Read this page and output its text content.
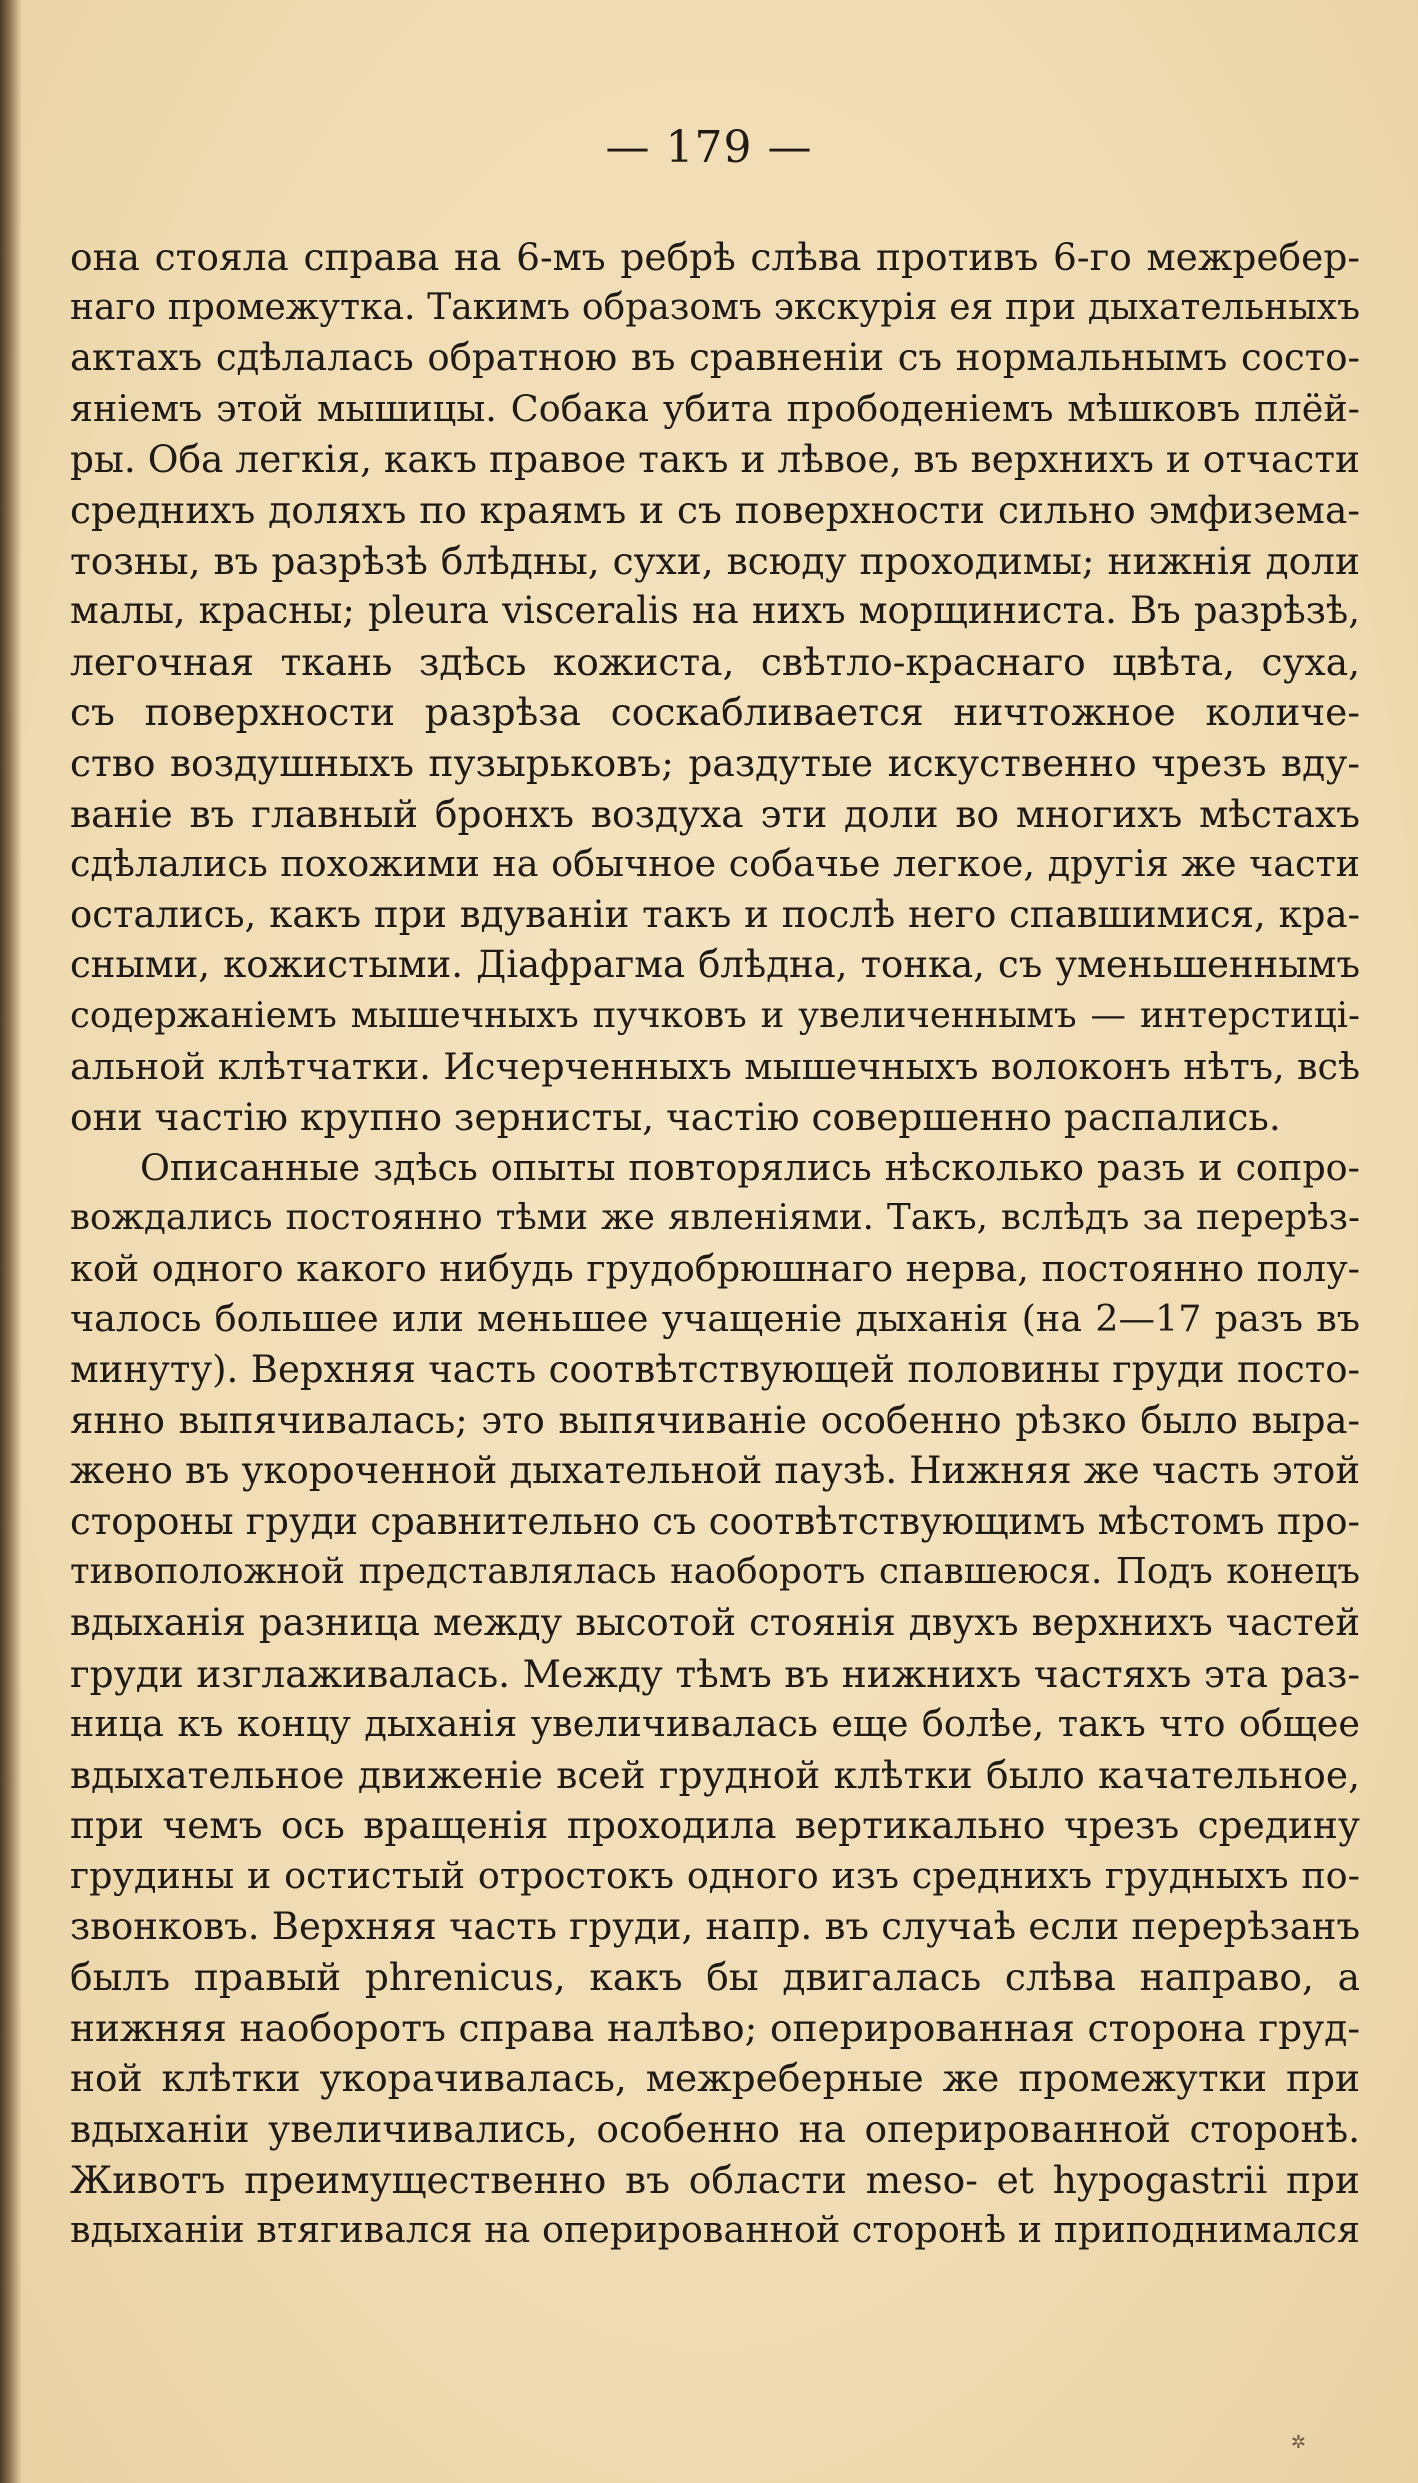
— 179 —
она стояла справа на 6-мъ ребрѣ слѣва противъ 6-го межребер-
наго промежутка. Такимъ образомъ экскурія ея при дыхательныхъ
актахъ сдѣлалась обратною въ сравненіи съ нормальнымъ состо-
яніемъ этой мышицы. Собака убита прободеніемъ мѣшковъ плёй-
ры. Оба легкія, какъ правое такъ и лѣвое, въ верхнихъ и отчасти
среднихъ доляхъ по краямъ и съ поверхности сильно эмфизема-
тозны, въ разрѣзѣ блѣдны, сухи, всюду проходимы; нижнія доли
малы, красны; pleura visceralis на нихъ морщиниста. Въ разрѣзѣ,
легочная ткань здѣсь кожиста, свѣтло-краснаго цвѣта, суха,
съ поверхности разрѣза соскабливается ничтожное количе-
ство воздушныхъ пузырьковъ; раздутые искуственно чрезъ вду-
ваніе въ главный бронхъ воздуха эти доли во многихъ мѣстахъ
сдѣлались похожими на обычное собачье легкое, другія же части
остались, какъ при вдуваніи такъ и послѣ него спавшимися, кра-
сными, кожистыми. Діафрагма блѣдна, тонка, съ уменьшеннымъ
содержаніемъ мышечныхъ пучковъ и увеличеннымъ — интерстиці-
альной клѣтчатки. Исчерченныхъ мышечныхъ волоконъ нѣтъ, всѣ
они частію крупно зернисты, частію совершенно распались.
Описанные здѣсь опыты повторялись нѣсколько разъ и сопро-
вождались постоянно тѣми же явленіями. Такъ, вслѣдъ за перерѣз-
кой одного какого нибудь грудобрюшнаго нерва, постоянно полу-
чалось большее или меньшее учащеніе дыханія (на 2—17 разъ въ
минуту). Верхняя часть соотвѣтствующей половины груди посто-
янно выпячивалась; это выпячиваніе особенно рѣзко было выра-
жено въ укороченной дыхательной паузѣ. Нижняя же часть этой
стороны груди сравнительно съ соотвѣтствующимъ мѣстомъ про-
тивоположной представлялась наоборотъ спавшеюся. Подъ конецъ
вдыханія разница между высотой стоянія двухъ верхнихъ частей
груди изглаживалась. Между тѣмъ въ нижнихъ частяхъ эта раз-
ница къ концу дыханія увеличивалась еще болѣе, такъ что общее
вдыхательное движеніе всей грудной клѣтки было качательное,
при чемъ ось вращенія проходила вертикально чрезъ средину
грудины и остистый отростокъ одного изъ среднихъ грудныхъ по-
звонковъ. Верхняя часть груди, напр. въ случаѣ если перерѣзанъ
былъ правый phrenicus, какъ бы двигалась слѣва направо, а
нижняя наоборотъ справа налѣво; оперированная сторона груд-
ной клѣтки укорачивалась, межреберные же промежутки при
вдыханіи увеличивались, особенно на оперированной сторонѣ.
Животъ преимущественно въ области meso- et hypogastrii при
вдыханіи втягивался на оперированной сторонѣ и приподнимался
✲
